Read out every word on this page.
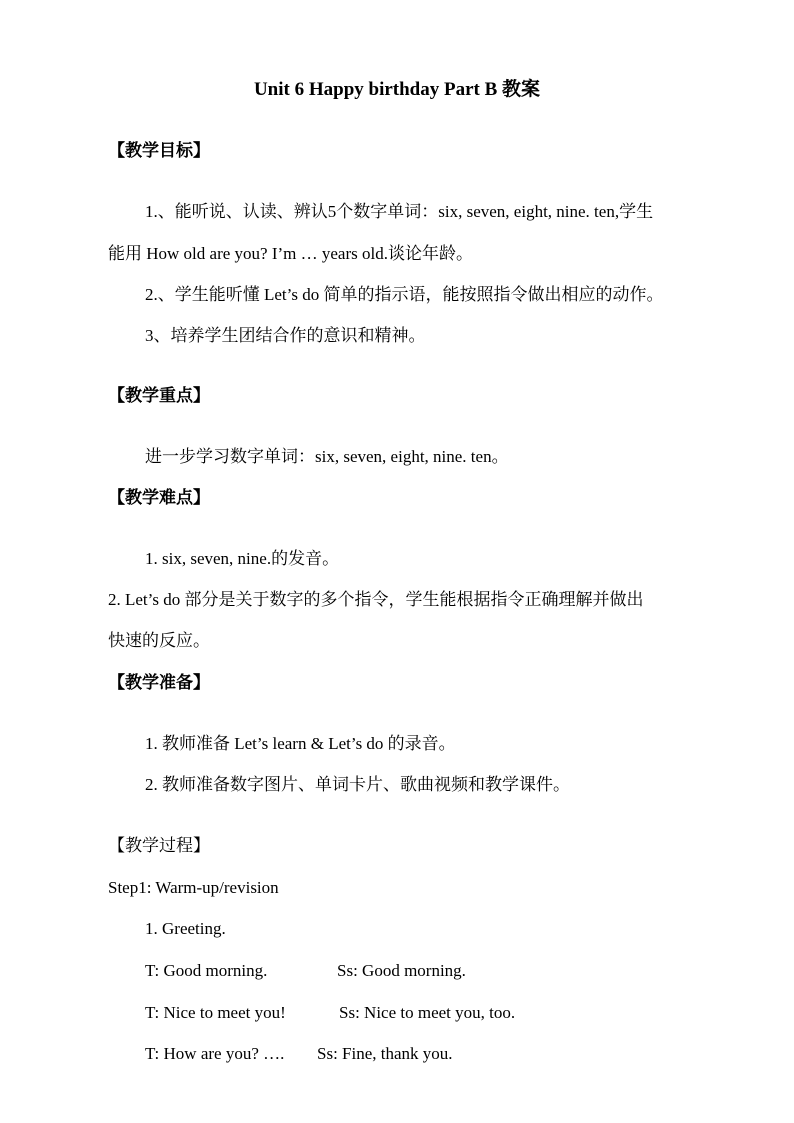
Unit 6 Happy birthday Part B 教案
【教学目标】
1.、能听说、认读、辨认5个数字单词：six, seven, eight, nine. ten,学生
能用 How old are you? I’m … years old.谈论年龄。
2.、学生能听懂 Let’s do 简单的指示语，能按照指令做出相应的动作。
3、培养学生团结合作的意识和精神。
【教学重点】
进一步学习数字单词：six, seven, eight, nine. ten。
【教学难点】
1. six, seven, nine.的发音。
2. Let’s do 部分是关于数字的多个指令，学生能根据指令正确理解并做出
快速的反应。
【教学准备】
1. 教师准备 Let’s learn & Let’s do 的录音。
2. 教师准备数字图片、单词卡片、歌曲视频和教学课件。
【教学过程】
Step1: Warm-up/revision
1. Greeting.
T: Good morning.	Ss: Good morning.
T: Nice to meet you!	Ss: Nice to meet you, too.
T: How are you? …. Ss: Fine, thank you.
